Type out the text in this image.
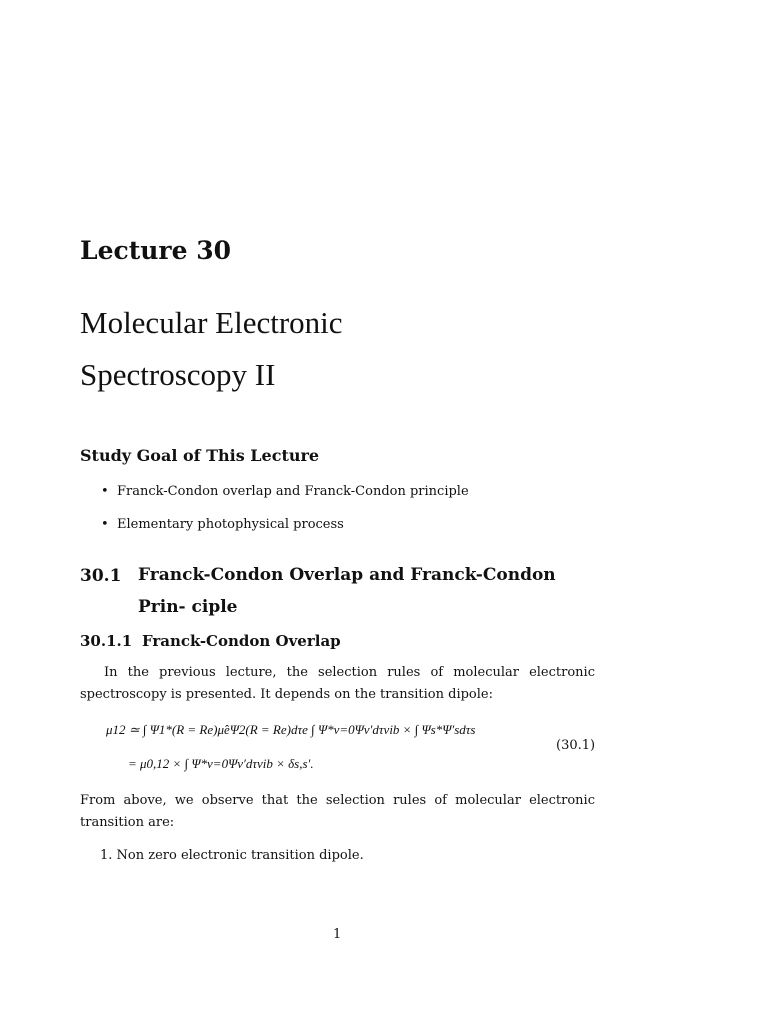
Lecture 30
Molecular Electronic
Spectroscopy II
Study Goal of This Lecture
• Franck-Condon overlap and Franck-Condon principle
• Elementary photophysical process
30.1 Franck-Condon Overlap and Franck-Condon Prin- ciple
30.1.1 Franck-Condon Overlap
In the previous lecture, the selection rules of molecular electronic spectroscopy is presented. It depends on the transition dipole:
μ12 ≃ ∫ Ψ1*(R = Re)μ̂eΨ2(R = Re)dτe ∫ Ψ*ν=0Ψν′dτvib × ∫ Ψs*Ψ′sdτs
= μ0,12 × ∫ Ψ*ν=0Ψν′dτvib × δs,s′.
(30.1)
From above, we observe that the selection rules of molecular electronic transition are:
1. Non zero electronic transition dipole.
1
